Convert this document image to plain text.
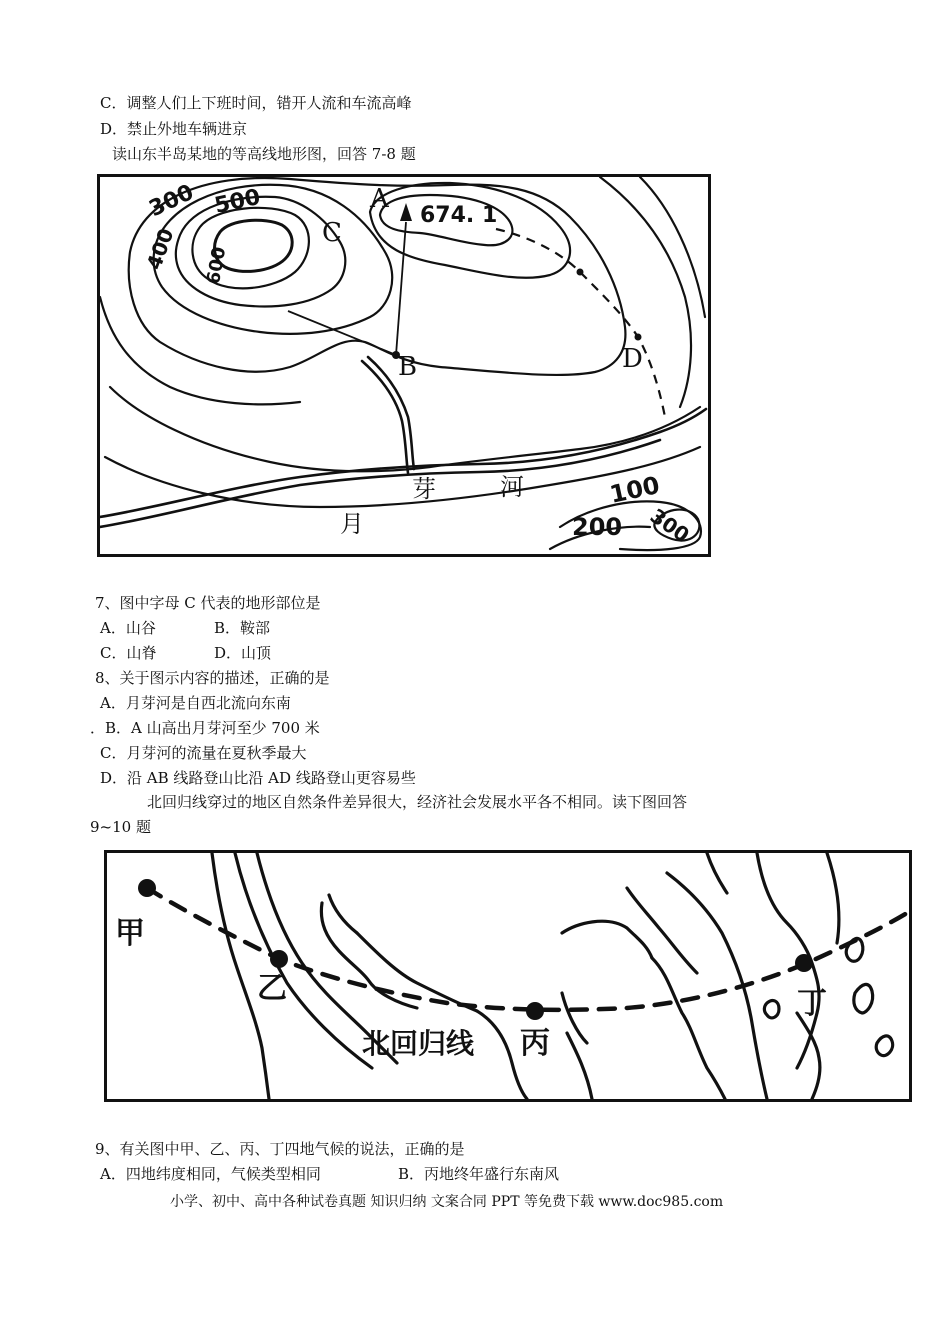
C．调整人们上下班时间，错开人流和车流高峰
D．禁止外地车辆进京
读山东半岛某地的等高线地形图，回答 7-8 题
300 500
400 600
100
200 300
674. 1
A
B
C
D
月
芽	河
7、图中字母 C 代表的地形部位是
A．山谷	B．鞍部
C．山脊	D．山顶
8、关于图示内容的描述，正确的是
A．月芽河是自西北流向东南
．B．A 山高出月芽河至少 700 米
C．月芽河的流量在夏秋季最大
D．沿 AB 线路登山比沿 AD 线路登山更容易些
北回归线穿过的地区自然条件差异很大，经济社会发展水平各不相同。读下图回答
9~10 题
甲
乙
丙
丁
北回归线
9、有关图中甲、乙、丙、丁四地气候的说法，正确的是
A．四地纬度相同，气候类型相同	B．丙地终年盛行东南风
小学、初中、高中各种试卷真题 知识归纳 文案合同 PPT 等免费下载 www.doc985.com
